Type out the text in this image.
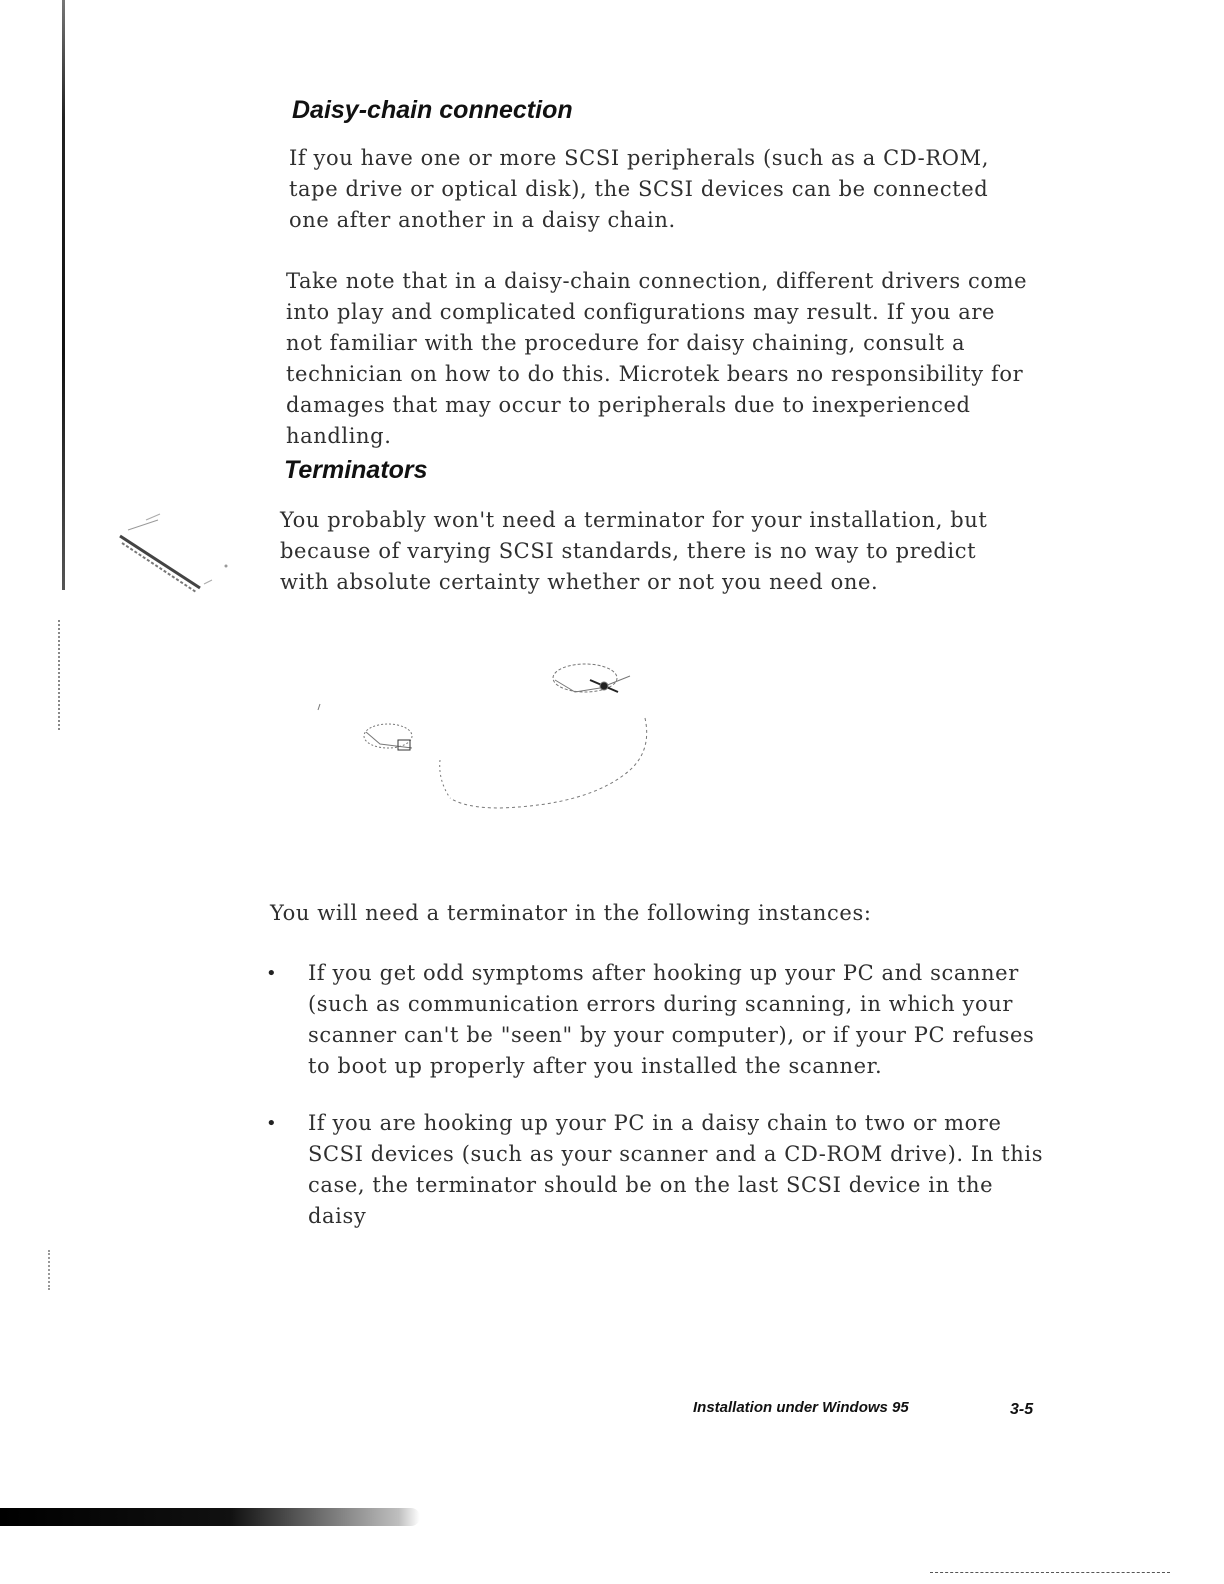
Daisy-chain connection

If you have one or more SCSI peripherals (such as a CD-ROM, tape drive or optical disk), the SCSI devices can be connected one after another in a daisy chain.

Take note that in a daisy-chain connection, different drivers come into play and complicated configurations may result. If you are not familiar with the procedure for daisy chaining, consult a technician on how to do this. Microtek bears no responsibility for damages that may occur to peripherals due to inexperienced handling.

Terminators

You probably won't need a terminator for your installation, but because of varying SCSI standards, there is no way to predict with absolute certainty whether or not you need one.

You will need a terminator in the following instances:

• If you get odd symptoms after hooking up your PC and scanner (such as communication errors during scanning, in which your scanner can't be "seen" by your computer), or if your PC refuses to boot up properly after you installed the scanner.
• If you are hooking up your PC in a daisy chain to two or more SCSI devices (such as your scanner and a CD-ROM drive). In this case, the terminator should be on the last SCSI device in the daisy

Installation under Windows 95	3-5
